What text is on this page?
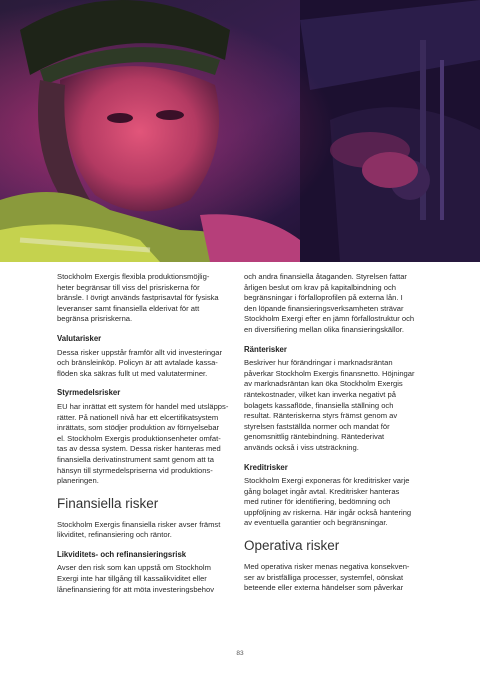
Stockholm Exergis flexibla produktionsmöjlig-
heter begränsar till viss del prisriskerna för
bränsle. I övrigt används fastprisavtal för fysiska
leveranser samt finansiella elderivat för att
begränsa prisriskerna.

Valutarisker

Dessa risker uppstår framför allt vid investeringar
och bränsleinköp. Policyn är att avtalade kassa-
flöden ska säkras fullt ut med valutaterminer.

Styrmedelsrisker

EU har inrättat ett system för handel med utsläpps-
rätter. På nationell nivå har ett elcertifikatsystem
inrättats, som stödjer produktion av förnyelsebar
el. Stockholm Exergis produktionsenheter omfat-
tas av dessa system. Dessa risker hanteras med
finansiella derivatinstrument samt genom att ta
hänsyn till styrmedelspriserna vid produktions-
planeringen.

Finansiella risker

Stockholm Exergis finansiella risker avser främst
likviditet, refinansiering och räntor.

Likviditets- och refinansieringsrisk

Avser den risk som kan uppstå om Stockholm
Exergi inte har tillgång till kassalikviditet eller
lånefinansiering för att möta investeringsbehov

och andra finansiella åtaganden. Styrelsen fattar
årligen beslut om krav på kapitalbindning och
begränsningar i förfalloprofilen på externa lån. I
den löpande finansieringsverksamheten strävar
Stockholm Exergi efter en jämn förfallostruktur och
en diversifiering mellan olika finansieringskällor.

Ränterisker

Beskriver hur förändringar i marknadsräntan
påverkar Stockholm Exergis finansnetto. Höjningar
av marknadsräntan kan öka Stockholm Exergis
räntekostnader, vilket kan inverka negativt på
bolagets kassaflöde, finansiella ställning och
resultat. Ränteriskerna styrs främst genom av
styrelsen fastställda normer och mandat för
genomsnittlig räntebindning. Räntederivat
används också i viss utsträckning.

Kreditrisker

Stockholm Exergi exponeras för kreditrisker varje
gång bolaget ingår avtal. Kreditrisker hanteras
med rutiner för identifiering, bedömning och
uppföljning av riskerna. Här ingår också hantering
av eventuella garantier och begränsningar.

Operativa risker

Med operativa risker menas negativa konsekven-
ser av bristfälliga processer, systemfel, oönskat
beteende eller externa händelser som påverkar

83
